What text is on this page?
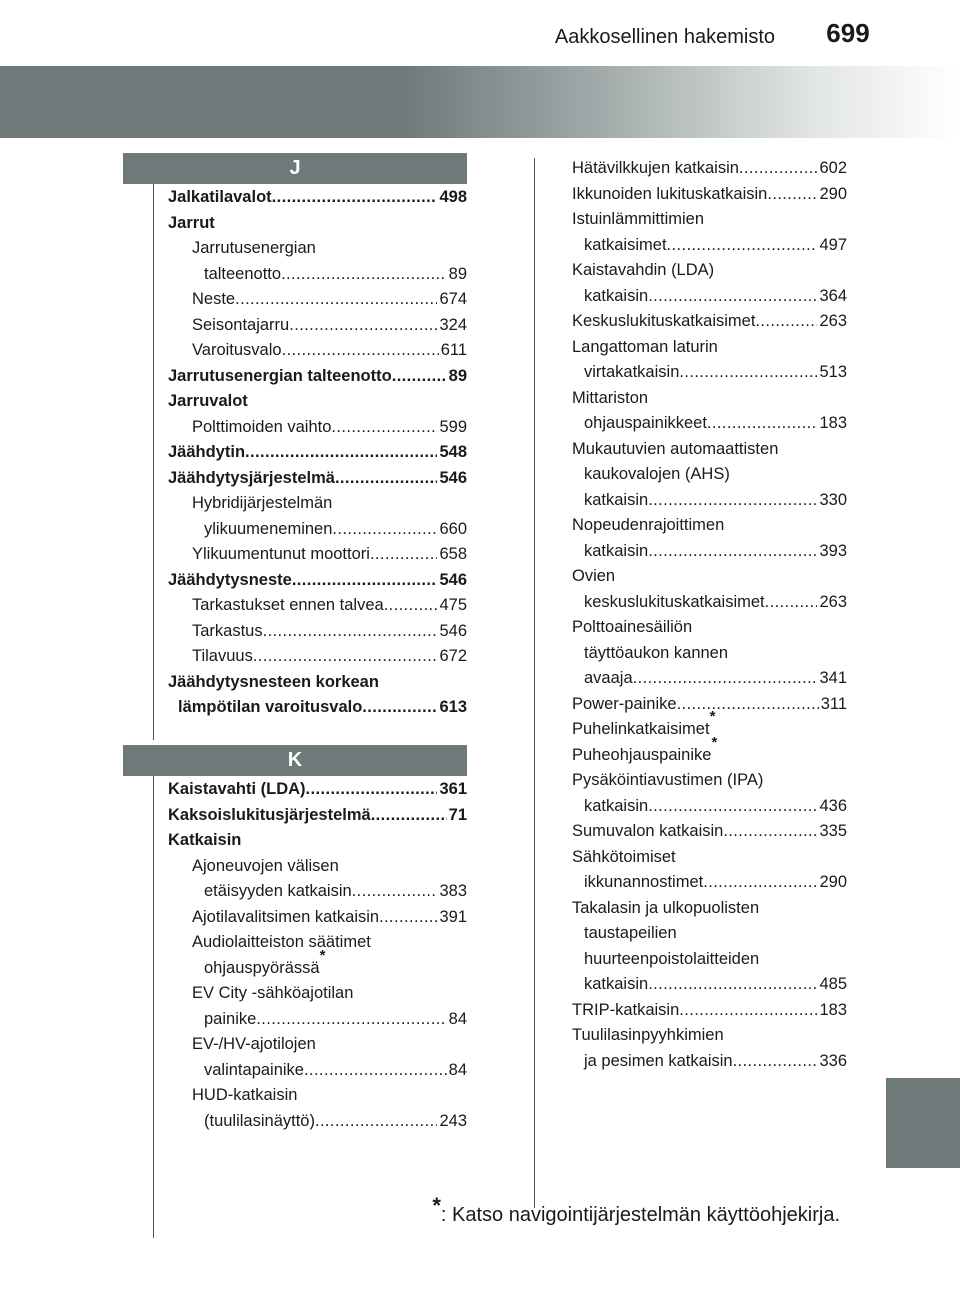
Aakkosellinen hakemisto	699
J
Jalkatilavalot .....	498
Jarrut
Jarrutusenergian
talteenotto .....	89
Neste .....	674
Seisontajarru .....	324
Varoitusvalo .....	611
Jarrutusenergian talteenotto .....	89
Jarruvalot
Polttimoiden vaihto .....	599
Jäähdytin .....	548
Jäähdytysjärjestelmä .....	546
Hybridijärjestelmän
ylikuumeneminen .....	660
Ylikuumentunut moottori .....	658
Jäähdytysneste .....	546
Tarkastukset ennen talvea .....	475
Tarkastus .....	546
Tilavuus .....	672
Jäähdytysnesteen korkean
lämpötilan varoitusvalo .....	613
K
Kaistavahti (LDA) .....	361
Kaksoislukitusjärjestelmä .....	71
Katkaisin
Ajoneuvojen välisen
etäisyyden katkaisin .....	383
Ajotilavalitsimen katkaisin .....	391
Audiolaitteiston säätimet
ohjauspyörässä
*
EV City -sähköajotilan
painike .....	84
EV-/HV-ajotilojen
valintapainike .....	84
HUD-katkaisin
(tuulilasinäyttö) .....	243
Hätävilkkujen katkaisin .....	602
Ikkunoiden lukituskatkaisin .....	290
Istuinlämmittimien
katkaisimet .....	497
Kaistavahdin (LDA)
katkaisin .....	364
Keskuslukituskatkaisimet .....	263
Langattoman laturin
virtakatkaisin .....	513
Mittariston
ohjauspainikkeet .....	183
Mukautuvien automaattisten
kaukovalojen (AHS)
katkaisin .....	330
Nopeudenrajoittimen
katkaisin .....	393
Ovien
keskuslukituskatkaisimet .....	263
Polttoainesäiliön
täyttöaukon kannen
avaaja .....	341
Power-painike .....	311
Puhelinkatkaisimet
*
Puheohjauspainike
*
Pysäköintiavustimen (IPA)
katkaisin .....	436
Sumuvalon katkaisin .....	335
Sähkötoimiset
ikkunannostimet .....	290
Takalasin ja ulkopuolisten
taustapeilien
huurteenpoistolaitteiden
katkaisin .....	485
TRIP-katkaisin .....	183
Tuulilasinpyyhkimien
ja pesimen katkaisin .....	336
*: Katso navigointijärjestelmän käyttöohjekirja.
